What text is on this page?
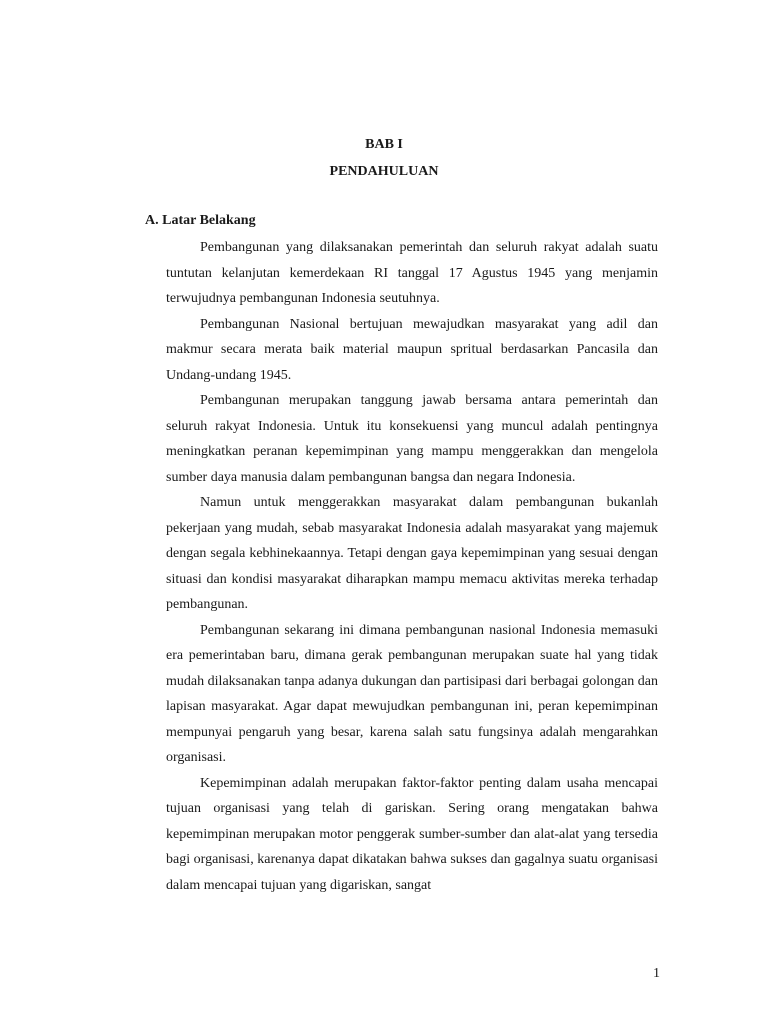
BAB I
PENDAHULUAN
A. Latar Belakang

Pembangunan yang dilaksanakan pemerintah dan seluruh rakyat adalah suatu tuntutan kelanjutan kemerdekaan RI tanggal 17 Agustus 1945 yang menjamin terwujudnya pembangunan Indonesia seutuhnya.

Pembangunan Nasional bertujuan mewajudkan masyarakat yang adil dan makmur secara merata baik material maupun spritual berdasarkan Pancasila dan Undang-undang 1945.

Pembangunan merupakan tanggung jawab bersama antara pemerintah dan seluruh rakyat Indonesia. Untuk itu konsekuensi yang muncul adalah pentingnya meningkatkan peranan kepemimpinan yang mampu menggerakkan dan mengelola sumber daya manusia dalam pembangunan bangsa dan negara Indonesia.

Namun untuk menggerakkan masyarakat dalam pembangunan bukanlah pekerjaan yang mudah, sebab masyarakat Indonesia adalah masyarakat yang majemuk dengan segala kebhinekaannya. Tetapi dengan gaya kepemimpinan yang sesuai dengan situasi dan kondisi masyarakat diharapkan mampu memacu aktivitas mereka terhadap pembangunan.

Pembangunan sekarang ini dimana pembangunan nasional Indonesia memasuki era pemerintaban baru, dimana gerak pembangunan merupakan suate hal yang tidak mudah dilaksanakan tanpa adanya dukungan dan partisipasi dari berbagai golongan dan lapisan masyarakat. Agar dapat mewujudkan pembangunan ini, peran kepemimpinan mempunyai pengaruh yang besar, karena salah satu fungsinya adalah mengarahkan organisasi.

Kepemimpinan adalah merupakan faktor-faktor penting dalam usaha mencapai tujuan organisasi yang telah di gariskan. Sering orang mengatakan bahwa kepemimpinan merupakan motor penggerak sumber-sumber dan alat-alat yang tersedia bagi organisasi, karenanya dapat dikatakan bahwa sukses dan gagalnya suatu organisasi dalam mencapai tujuan yang digariskan, sangat

1
